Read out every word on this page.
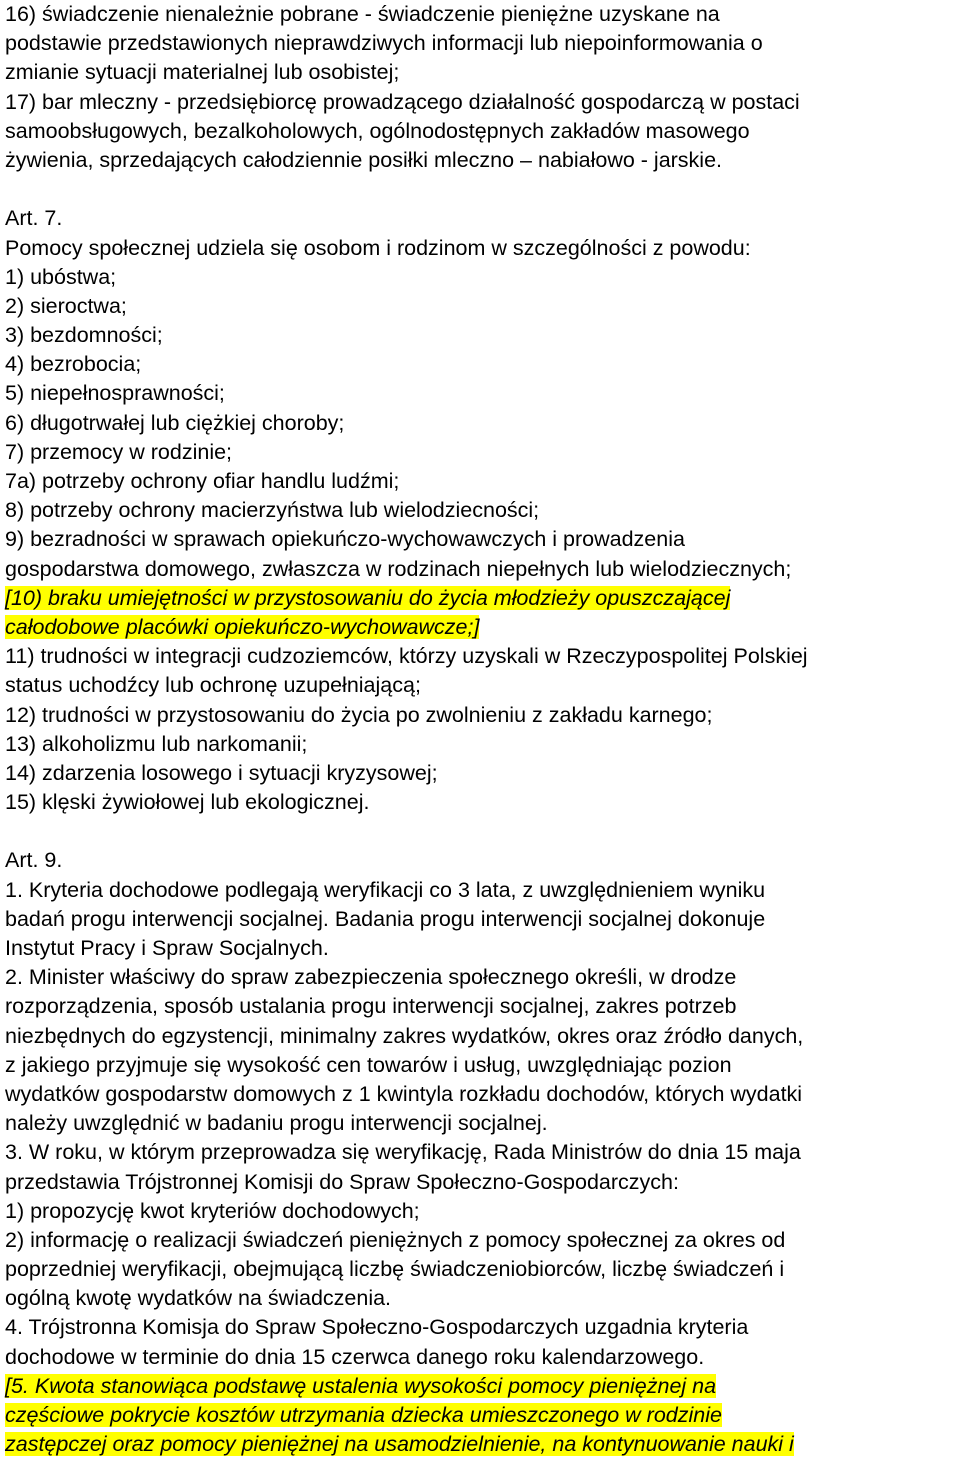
16) świadczenie nienależnie pobrane - świadczenie pieniężne uzyskane na
podstawie przedstawionych nieprawdziwych informacji lub niepoinformowania o
zmianie sytuacji materialnej lub osobistej;
17) bar mleczny - przedsiębiorcę prowadzącego działalność gospodarczą w postaci
samoobsługowych, bezalkoholowych, ogólnodostępnych zakładów masowego
żywienia, sprzedających całodziennie posiłki mleczno – nabiałowo - jarskie.
Art. 7.
Pomocy społecznej udziela się osobom i rodzinom w szczególności z powodu:
1) ubóstwa;
2) sieroctwa;
3) bezdomności;
4) bezrobocia;
5) niepełnosprawności;
6) długotrwałej lub ciężkiej choroby;
7) przemocy w rodzinie;
7a) potrzeby ochrony ofiar handlu ludźmi;
8) potrzeby ochrony macierzyństwa lub wielodziecności;
9) bezradności w sprawach opiekuńczo-wychowawczych i prowadzenia
gospodarstwa domowego, zwłaszcza w rodzinach niepełnych lub wielodziecznych;
[10) braku umiejętności w przystosowaniu do życia młodzieży opuszczającej
całodobowe placówki opiekuńczo-wychowawcze;]
11) trudności w integracji cudzoziemców, którzy uzyskali w Rzeczypospolitej Polskiej
status uchodźcy lub ochronę uzupełniającą;
12) trudności w przystosowaniu do życia po zwolnieniu z zakładu karnego;
13) alkoholizmu lub narkomanii;
14) zdarzenia losowego i sytuacji kryzysowej;
15) klęski żywiołowej lub ekologicznej.
Art. 9.
1. Kryteria dochodowe podlegają weryfikacji co 3 lata, z uwzględnieniem wyniku
badań progu interwencji socjalnej. Badania progu interwencji socjalnej dokonuje
Instytut Pracy i Spraw Socjalnych.
2. Minister właściwy do spraw zabezpieczenia społecznego określi, w drodze
rozporządzenia, sposób ustalania progu interwencji socjalnej, zakres potrzeb
niezbędnych do egzystencji, minimalny zakres wydatków, okres oraz źródło danych,
z jakiego przyjmuje się wysokość cen towarów i usług, uwzględniając pozion
wydatków gospodarstw domowych z 1 kwintyla rozkładu dochodów, których wydatki
należy uwzględnić w badaniu progu interwencji socjalnej.
3. W roku, w którym przeprowadza się weryfikację, Rada Ministrów do dnia 15 maja
przedstawia Trójstronnej Komisji do Spraw Społeczno-Gospodarczych:
1) propozycję kwot kryteriów dochodowych;
2) informację o realizacji świadczeń pieniężnych z pomocy społecznej za okres od
poprzedniej weryfikacji, obejmującą liczbę świadczeniobiorców, liczbę świadczeń i
ogólną kwotę wydatków na świadczenia.
4. Trójstronna Komisja do Spraw Społeczno-Gospodarczych uzgadnia kryteria
dochodowe w terminie do dnia 15 czerwca danego roku kalendarzowego.
[5. Kwota stanowiąca podstawę ustalenia wysokości pomocy pieniężnej na
częściowe pokrycie kosztów utrzymania dziecka umieszczonego w rodzinie
zastępczej oraz pomocy pieniężnej na usamodzielnienie, na kontynuowanie nauki i
